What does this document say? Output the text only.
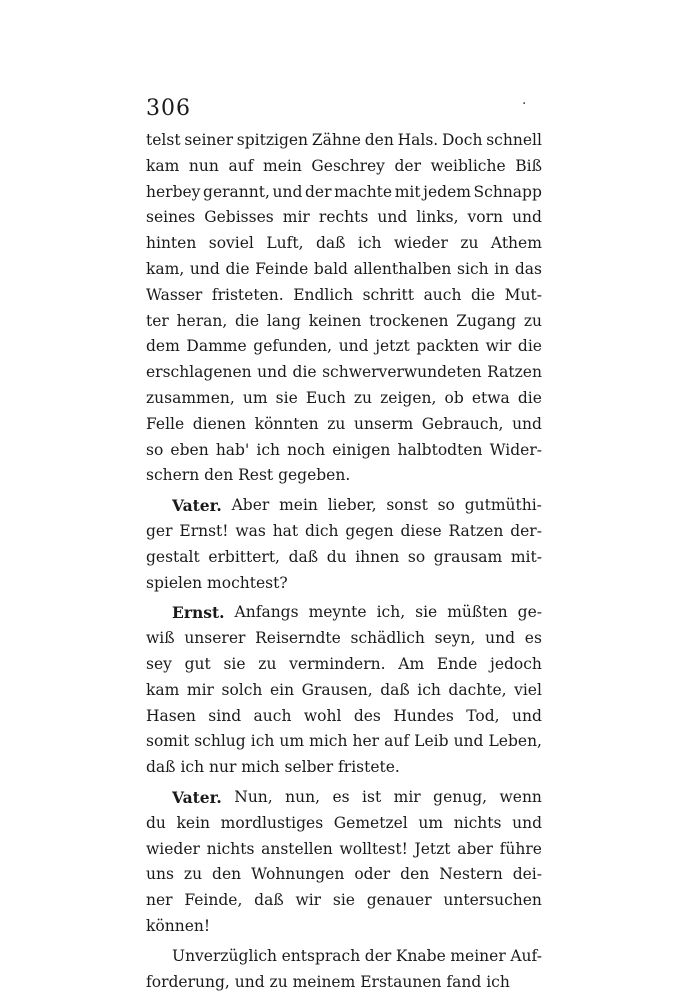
306	·
telst seiner spitzigen Zähne den Hals. Doch schnell
kam nun auf mein Geschrey der weibliche Biß
herbey gerannt, und der machte mit jedem Schnapp
seines Gebisses mir rechts und links, vorn und
hinten soviel Luft, daß ich wieder zu Athem
kam, und die Feinde bald allenthalben sich in das
Wasser fristeten. Endlich schritt auch die Mut-
ter heran, die lang keinen trockenen Zugang zu
dem Damme gefunden, und jetzt packten wir die
erschlagenen und die schwerverwundeten Ratzen
zusammen, um sie Euch zu zeigen, ob etwa die
Felle dienen könnten zu unserm Gebrauch, und
so eben hab' ich noch einigen halbtodten Wider-
schern den Rest gegeben.
Vater. Aber mein lieber, sonst so gutmüthi-
ger Ernst! was hat dich gegen diese Ratzen der-
gestalt erbittert, daß du ihnen so grausam mit-
spielen mochtest?
Ernst. Anfangs meynte ich, sie müßten ge-
wiß unserer Reiserndte schädlich seyn, und es
sey gut sie zu vermindern. Am Ende jedoch
kam mir solch ein Grausen, daß ich dachte, viel
Hasen sind auch wohl des Hundes Tod, und
somit schlug ich um mich her auf Leib und Leben,
daß ich nur mich selber fristete.
Vater. Nun, nun, es ist mir genug, wenn
du kein mordlustiges Gemetzel um nichts und
wieder nichts anstellen wolltest! Jetzt aber führe
uns zu den Wohnungen oder den Nestern dei-
ner Feinde, daß wir sie genauer untersuchen
können!
Unverzüglich entsprach der Knabe meiner Auf-
forderung, und zu meinem Erstaunen fand ich
